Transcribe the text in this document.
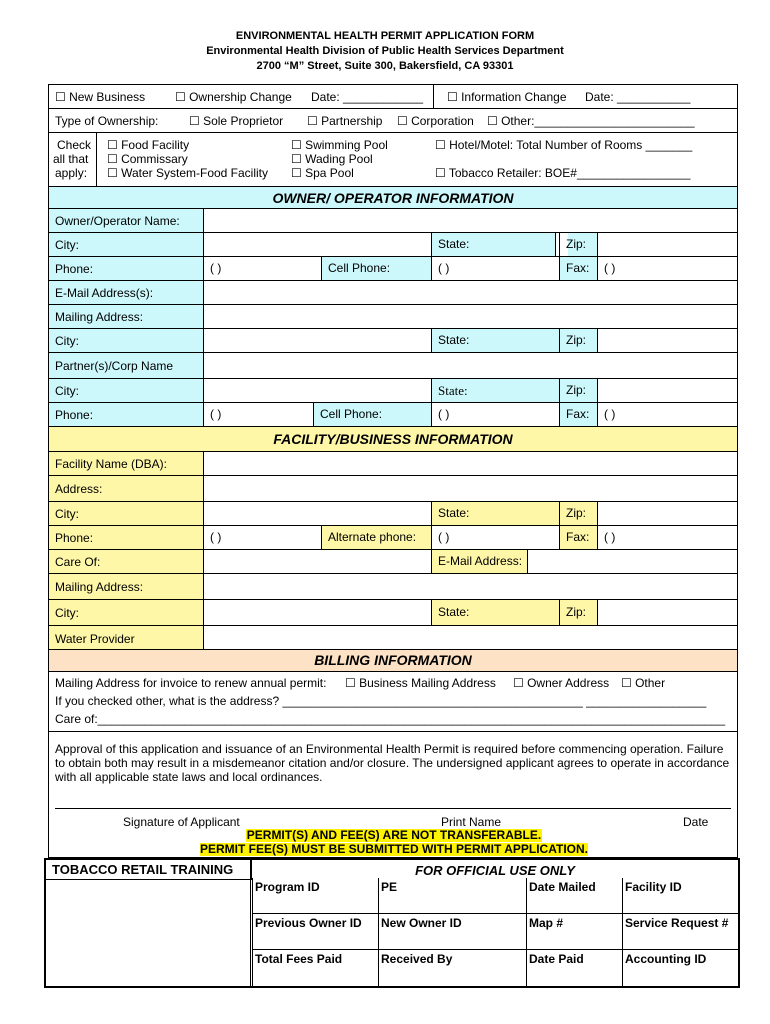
ENVIRONMENTAL HEALTH PERMIT APPLICATION FORM
Environmental Health Division of Public Health Services Department
2700 “M” Street, Suite 300, Bakersfield, CA 93301
☐ New Business ☐ Ownership Change Date: ____________ ☐ Information Change Date: ___________
Type of Ownership:	☐ Sole Proprietor ☐ Partnership ☐ Corporation ☐ Other:________________________
Check
all that
apply:
☐ Food Facility
☐ Commissary
☐ Water System-Food Facility
☐ Swimming Pool
☐ Wading Pool
☐ Spa Pool
☐ Hotel/Motel: Total Number of Rooms _______
☐ Tobacco Retailer: BOE#_________________
OWNER/ OPERATOR INFORMATION
Owner/Operator Name:
City:	State:	Zip:
Phone:	( )	Cell Phone:	( )	Fax:	( )
E-Mail Address(s):
Mailing Address:
City:	State:	Zip:
Partner(s)/Corp Name
City:	State:	Zip:
Phone:	( )	Cell Phone:	( )	Fax:	( )
FACILITY/BUSINESS INFORMATION
Facility Name (DBA):
Address:
City:	State:	Zip:
Phone:	( )	Alternate phone:	( )	Fax:	( )
Care Of:	E-Mail Address:
Mailing Address:
City:	State:	Zip:
Water Provider
BILLING INFORMATION
Mailing Address for invoice to renew annual permit: ☐ Business Mailing Address ☐ Owner Address ☐ Other
If you checked other, what is the address? _____________________________________________ __________________
Care of:______________________________________________________________________________________________
Approval of this application and issuance of an Environmental Health Permit is required before commencing operation. Failure to obtain both may result in a misdemeanor citation and/or closure. The undersigned applicant agrees to operate in accordance with all applicable state laws and local ordinances.
Signature of Applicant	Print Name	Date
PERMIT(S) AND FEE(S) ARE NOT TRANSFERABLE.
PERMIT FEE(S) MUST BE SUBMITTED WITH PERMIT APPLICATION.
TOBACCO RETAIL TRAINING	FOR OFFICIAL USE ONLY
Program ID	PE	Date Mailed	Facility ID
Previous Owner ID	New Owner ID	Map #	Service Request #
Total Fees Paid	Received By	Date Paid	Accounting ID
